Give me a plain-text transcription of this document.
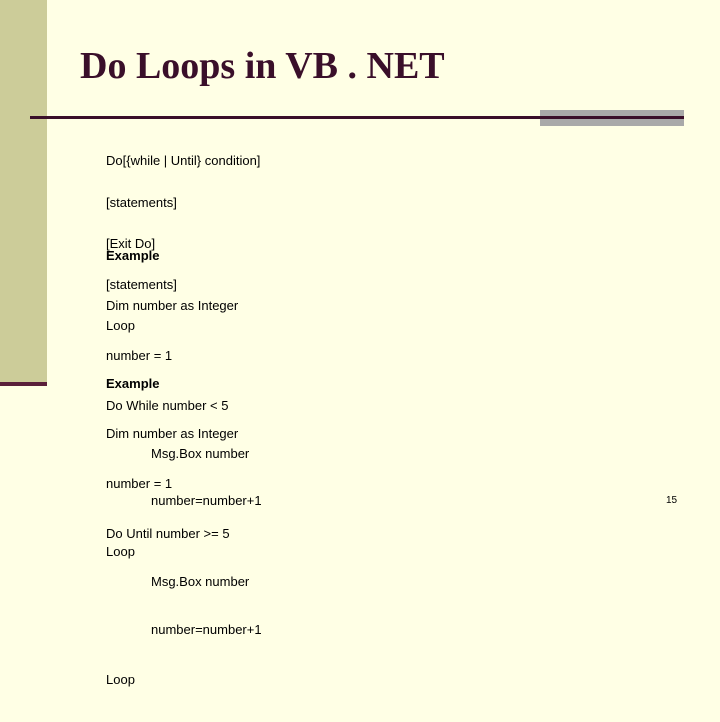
Do Loops in VB . NET

Do[{while | Until} condition]

[statements]

[Exit Do]

[statements]

Loop

Example

Dim number as Integer

number = 1

Do While number < 5

Msg.Box number

number=number+1

Loop

Example

Dim number as Integer

number = 1

Do Until number >= 5

Msg.Box number

number=number+1

Loop

15
